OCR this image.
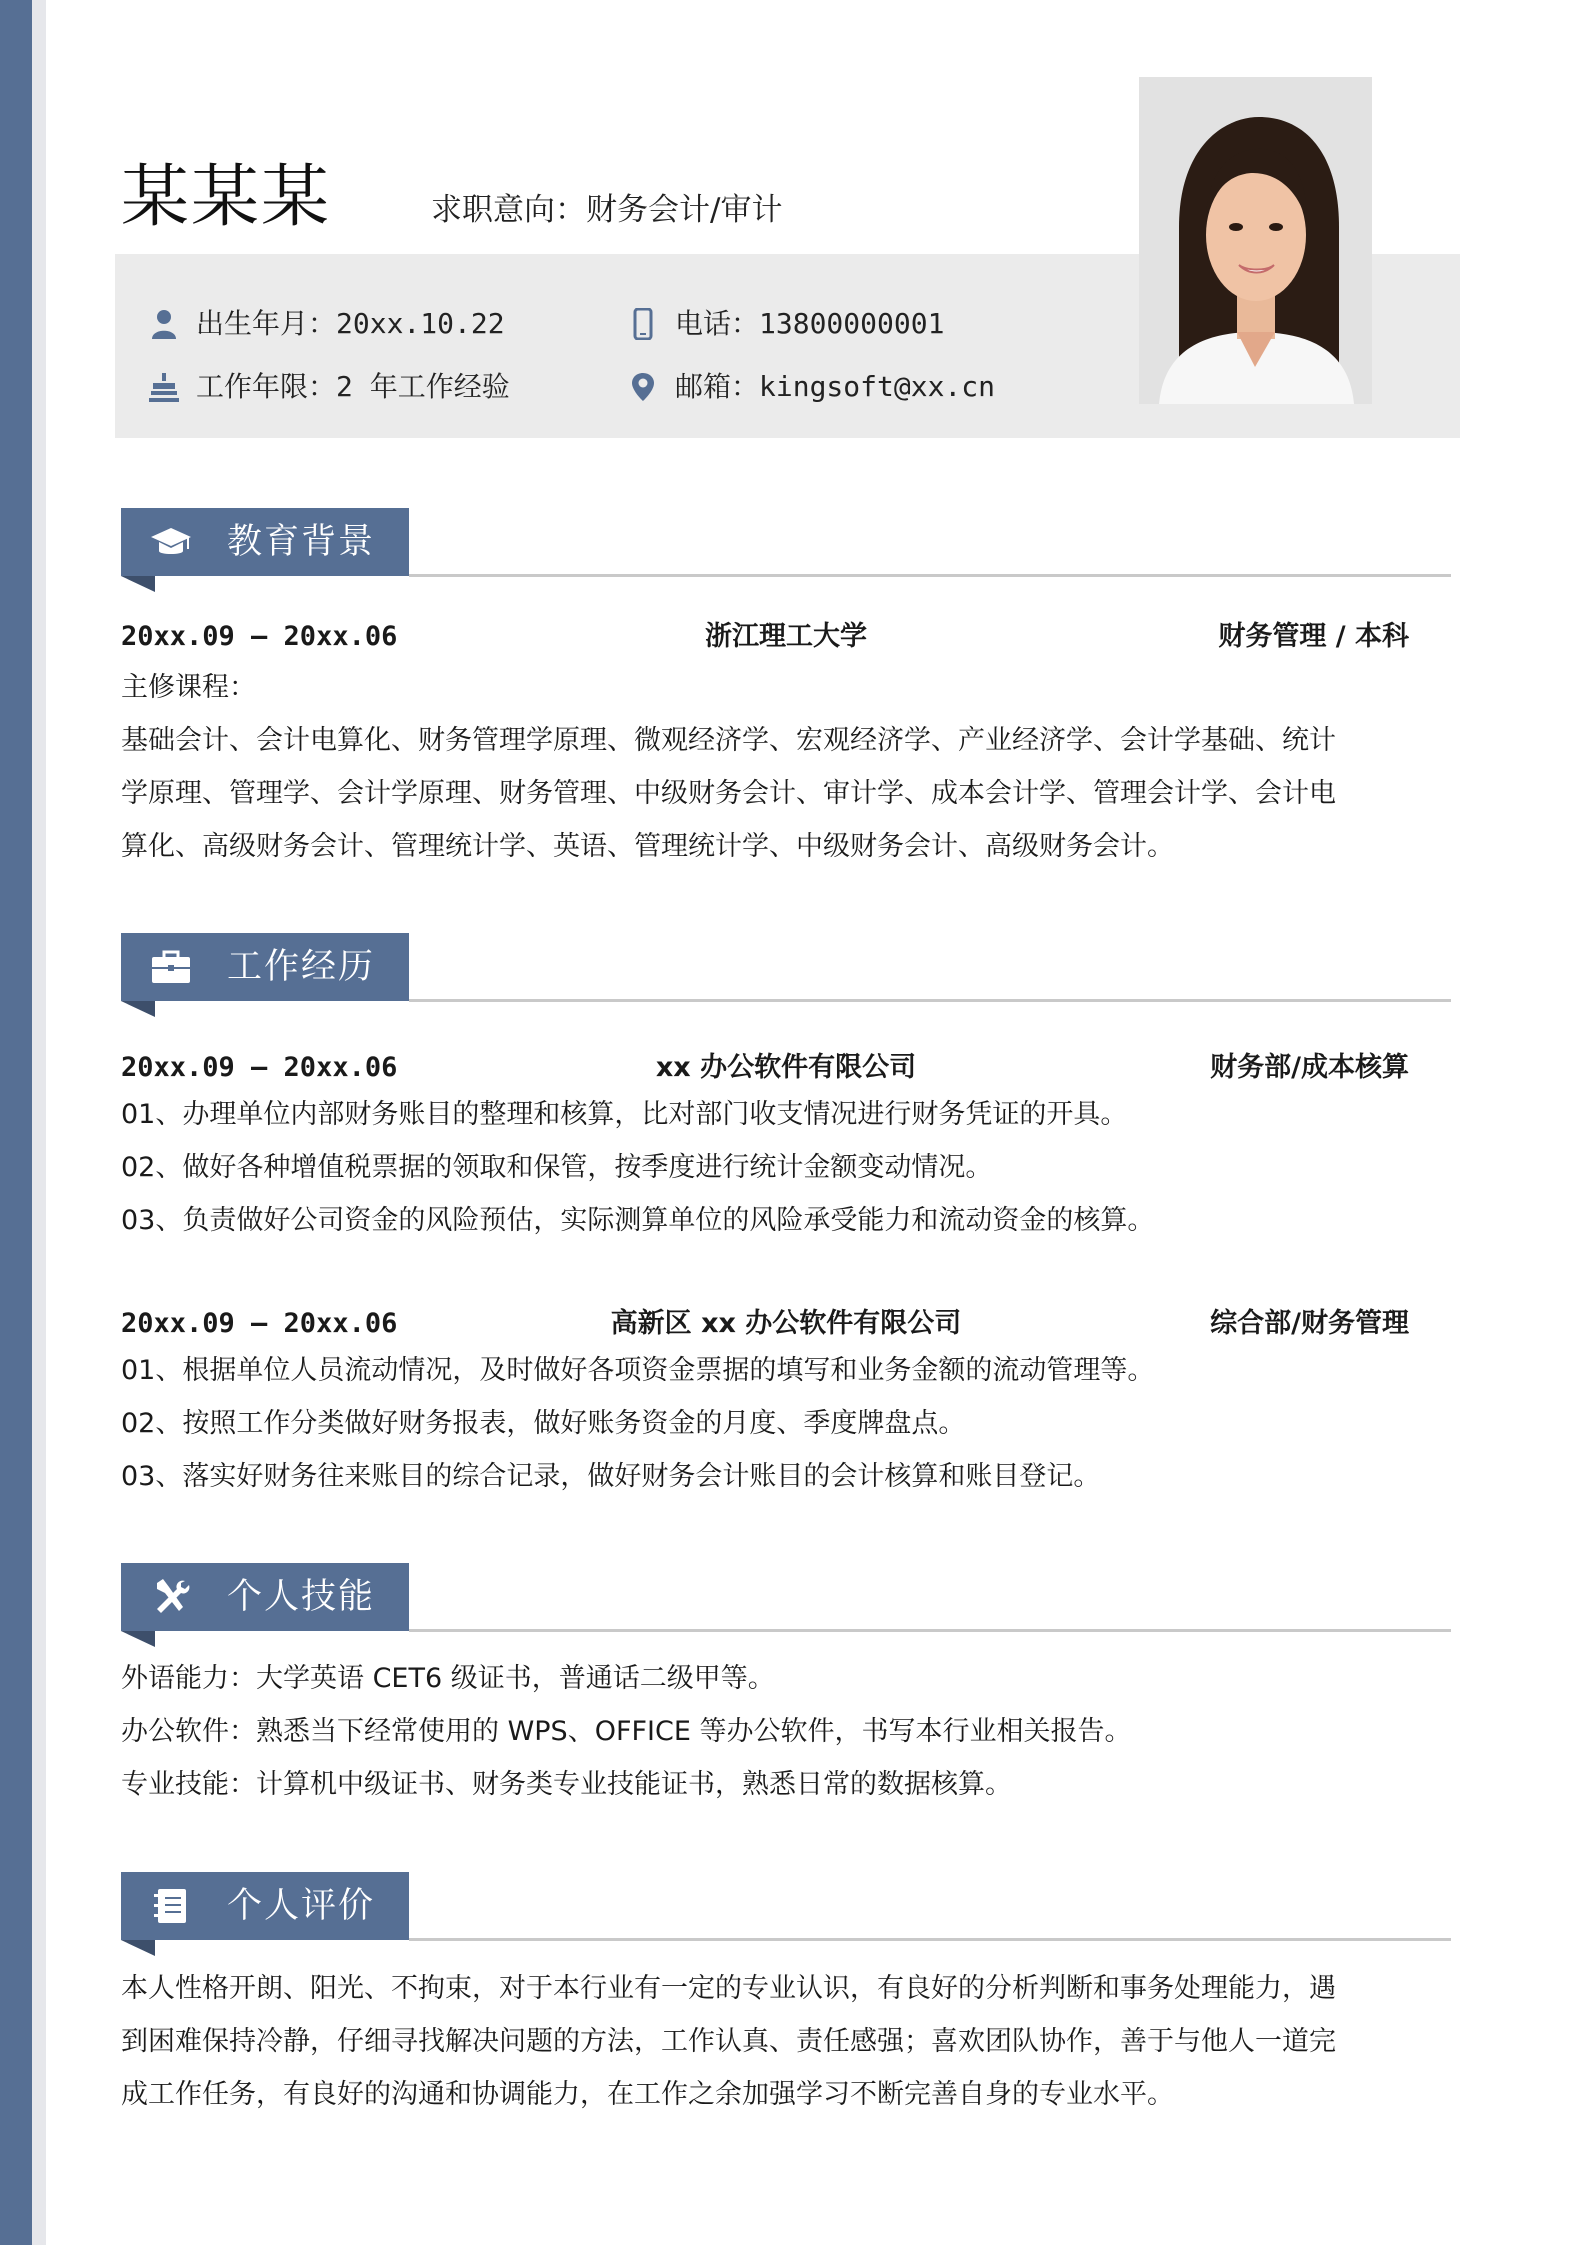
某某某	求职意向：财务会计/审计
出生年月：20xx.10.22
工作年限：2 年工作经验
电话：13800000001
邮箱：kingsoft@xx.cn
教育背景
20xx.09 – 20xx.06	浙江理工大学	财务管理 / 本科
主修课程：
基础会计、会计电算化、财务管理学原理、微观经济学、宏观经济学、产业经济学、会计学基础、统计
学原理、管理学、会计学原理、财务管理、中级财务会计、审计学、成本会计学、管理会计学、会计电
算化、高级财务会计、管理统计学、英语、管理统计学、中级财务会计、高级财务会计。
工作经历
20xx.09 – 20xx.06	xx 办公软件有限公司	财务部/成本核算
01、办理单位内部财务账目的整理和核算，比对部门收支情况进行财务凭证的开具。
02、做好各种增值税票据的领取和保管，按季度进行统计金额变动情况。
03、负责做好公司资金的风险预估，实际测算单位的风险承受能力和流动资金的核算。
20xx.09 – 20xx.06	高新区 xx 办公软件有限公司	综合部/财务管理
01、根据单位人员流动情况，及时做好各项资金票据的填写和业务金额的流动管理等。
02、按照工作分类做好财务报表，做好账务资金的月度、季度牌盘点。
03、落实好财务往来账目的综合记录，做好财务会计账目的会计核算和账目登记。
个人技能
外语能力：大学英语 CET6 级证书，普通话二级甲等。
办公软件：熟悉当下经常使用的 WPS、OFFICE 等办公软件，书写本行业相关报告。
专业技能：计算机中级证书、财务类专业技能证书，熟悉日常的数据核算。
个人评价
本人性格开朗、阳光、不拘束，对于本行业有一定的专业认识，有良好的分析判断和事务处理能力，遇
到困难保持冷静，仔细寻找解决问题的方法，工作认真、责任感强；喜欢团队协作，善于与他人一道完
成工作任务，有良好的沟通和协调能力，在工作之余加强学习不断完善自身的专业水平。
